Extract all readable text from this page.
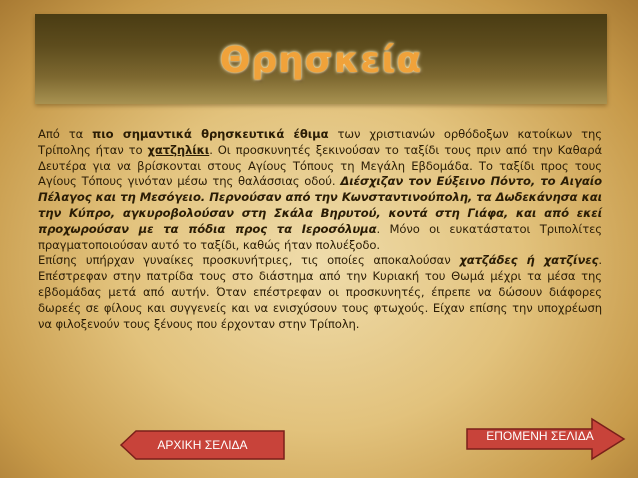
Θρησκεία

Από τα πιο σημαντικά θρησκευτικά έθιμα των χριστιανών ορθόδοξων κατοίκων της Τρίπολης ήταν το χατζηλίκι. Οι προσκυνητές ξεκινούσαν το ταξίδι τους πριν από την Καθαρά Δευτέρα για να βρίσκονται στους Αγίους Τόπους τη Μεγάλη Εβδομάδα. Το ταξίδι προς τους Αγίους Τόπους γινόταν μέσω της θαλάσσιας οδού. Διέσχιζαν τον Εύξεινο Πόντο, το Αιγαίο Πέλαγος και τη Μεσόγειο. Περνούσαν από την Κωνσταντινούπολη, τα Δωδεκάνησα και την Κύπρο, αγκυροβολούσαν στη Σκάλα Βηρυτού, κοντά στη Γιάφα, και από εκεί προχωρούσαν με τα πόδια προς τα Ιεροσόλυμα. Μόνο οι ευκατάστατοι Τριπολίτες πραγματοποιούσαν αυτό το ταξίδι, καθώς ήταν πολυέξοδο.

Επίσης υπήρχαν γυναίκες προσκυνήτριες, τις οποίες αποκαλούσαν χατζάδες ή χατζίνες. Επέστρεφαν στην πατρίδα τους στο διάστημα από την Κυριακή του Θωμά μέχρι τα μέσα της εβδομάδας μετά από αυτήν. Όταν επέστρεφαν οι προσκυνητές, έπρεπε να δώσουν διάφορες δωρεές σε φίλους και συγγενείς και να ενισχύσουν τους φτωχούς. Είχαν επίσης την υποχρέωση να φιλοξενούν τους ξένους που έρχονταν στην Τρίπολη.

ΑΡΧΙΚΗ ΣΕΛΙΔΑ
ΕΠΟΜΕΝΗ ΣΕΛΙΔΑ
